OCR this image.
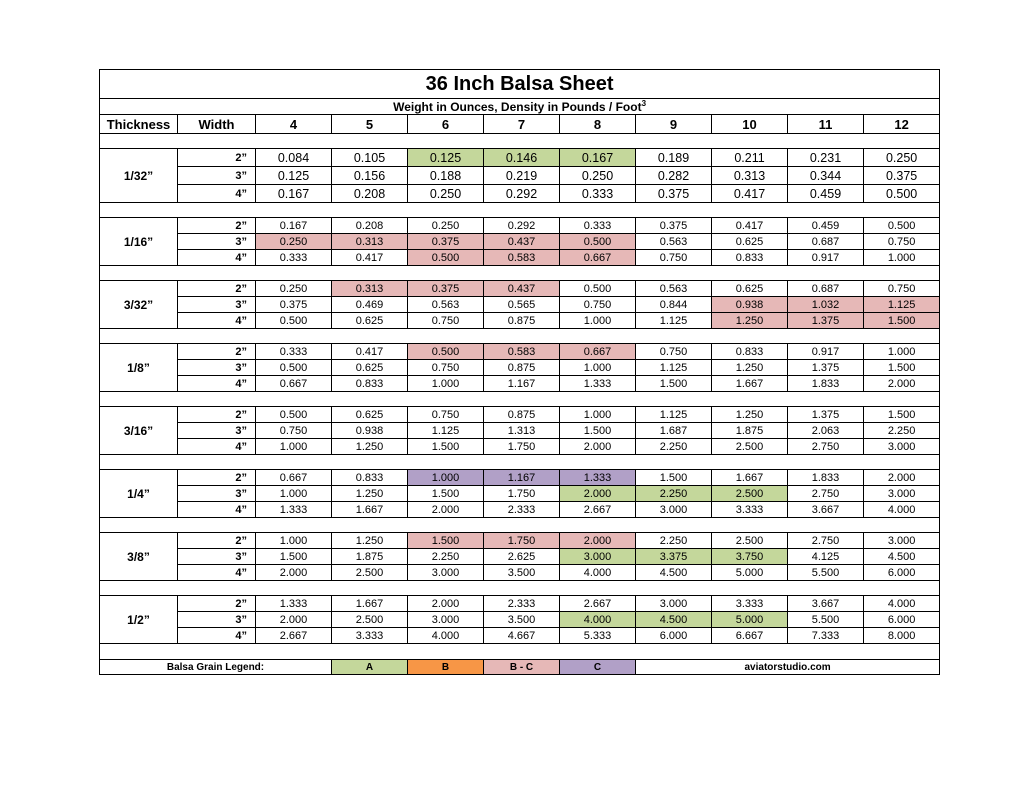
36 Inch Balsa Sheet										
Weight in Ounces, Density in Pounds / Foot$^3$
Thickness	Width	4	5	6	7	8	9	10	11	12

1/32”	2”	0.084	0.105	0.125	0.146	0.167	0.189	0.211	0.231	0.250
	3”	0.125	0.156	0.188	0.219	0.250	0.282	0.313	0.344	0.375
	4”	0.167	0.208	0.250	0.292	0.333	0.375	0.417	0.459	0.500

1/16”	2”	0.167	0.208	0.250	0.292	0.333	0.375	0.417	0.459	0.500
	3”	0.250	0.313	0.375	0.437	0.500	0.563	0.625	0.687	0.750
	4”	0.333	0.417	0.500	0.583	0.667	0.750	0.833	0.917	1.000

3/32”	2”	0.250	0.313	0.375	0.437	0.500	0.563	0.625	0.687	0.750
	3”	0.375	0.469	0.563	0.565	0.750	0.844	0.938	1.032	1.125
	4”	0.500	0.625	0.750	0.875	1.000	1.125	1.250	1.375	1.500

1/8”	2”	0.333	0.417	0.500	0.583	0.667	0.750	0.833	0.917	1.000
	3”	0.500	0.625	0.750	0.875	1.000	1.125	1.250	1.375	1.500
	4”	0.667	0.833	1.000	1.167	1.333	1.500	1.667	1.833	2.000

3/16”	2”	0.500	0.625	0.750	0.875	1.000	1.125	1.250	1.375	1.500
	3”	0.750	0.938	1.125	1.313	1.500	1.687	1.875	2.063	2.250
	4”	1.000	1.250	1.500	1.750	2.000	2.250	2.500	2.750	3.000

1/4”	2”	0.667	0.833	1.000	1.167	1.333	1.500	1.667	1.833	2.000
	3”	1.000	1.250	1.500	1.750	2.000	2.250	2.500	2.750	3.000
	4”	1.333	1.667	2.000	2.333	2.667	3.000	3.333	3.667	4.000

3/8”	2”	1.000	1.250	1.500	1.750	2.000	2.250	2.500	2.750	3.000
	3”	1.500	1.875	2.250	2.625	3.000	3.375	3.750	4.125	4.500
	4”	2.000	2.500	3.000	3.500	4.000	4.500	5.000	5.500	6.000

1/2”	2”	1.333	1.667	2.000	2.333	2.667	3.000	3.333	3.667	4.000
	3”	2.000	2.500	3.000	3.500	4.000	4.500	5.000	5.500	6.000
	4”	2.667	3.333	4.000	4.667	5.333	6.000	6.667	7.333	8.000

Balsa Grain Legend:			A	B	B - C	C	aviatorstudio.com			
